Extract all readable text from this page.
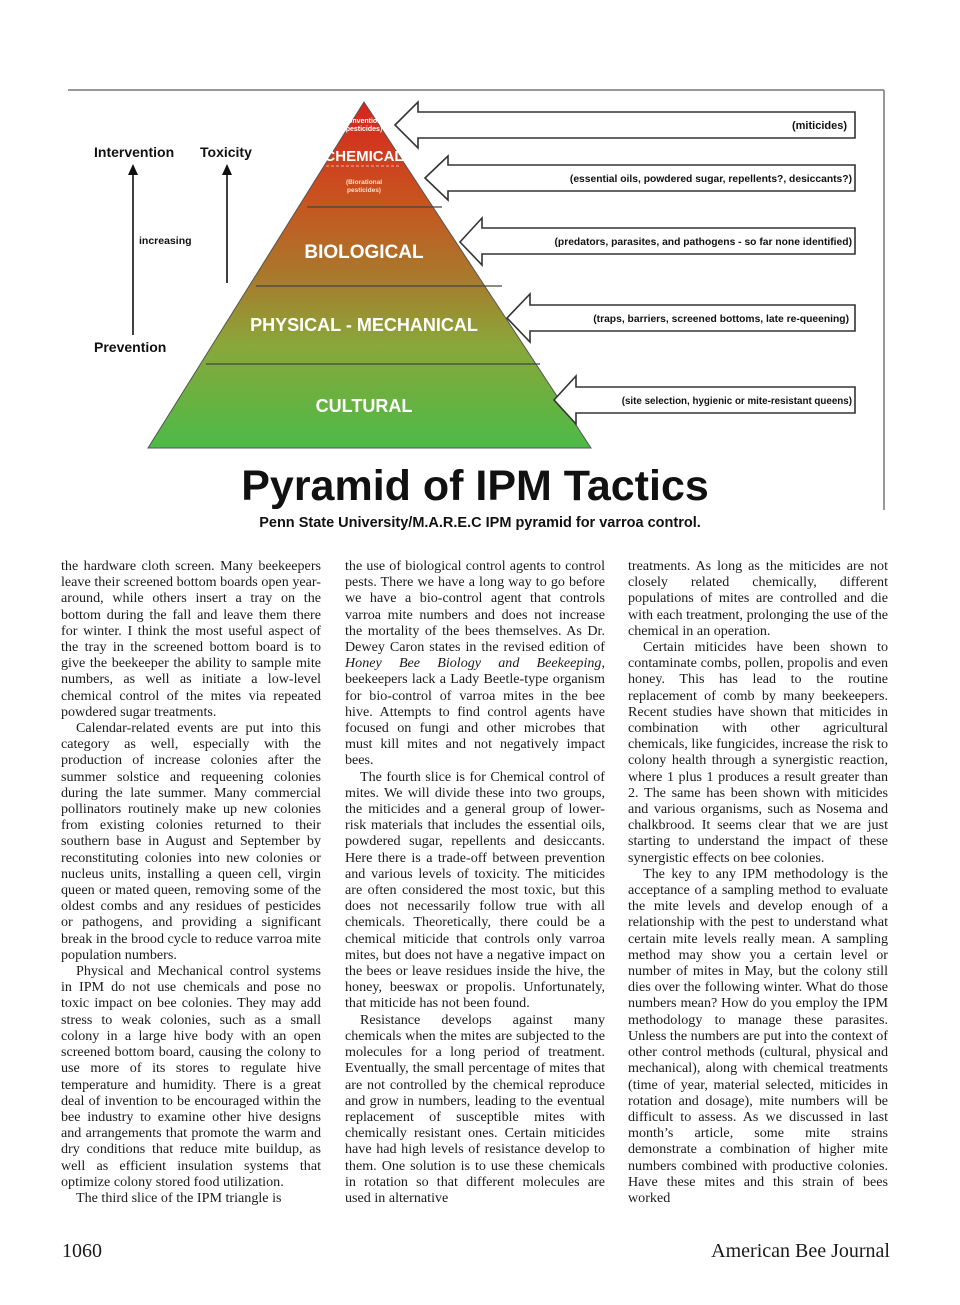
(Conventional
pesticides)
CHEMICAL
(Biorational
pesticides)
BIOLOGICAL
PHYSICAL - MECHANICAL
CULTURAL
(miticides)
(essential oils, powdered sugar, repellents?, desiccants?)
(predators, parasites, and pathogens - so far none identified)
(traps, barriers, screened bottoms, late re-queening)
(site selection, hygienic or mite-resistant queens)
Intervention Toxicity
increasing
Prevention
Pyramid of IPM Tactics
Penn State University/M.A.R.E.C IPM pyramid for varroa control.

the hardware cloth screen. Many beekeepers leave their screened bottom boards open year-around, while others insert a tray on the bottom during the fall and leave them there for winter. I think the most useful aspect of the tray in the screened bottom board is to give the beekeeper the ability to sample mite numbers, as well as initiate a low-level chemical control of the mites via repeated powdered sugar treatments.

Calendar-related events are put into this category as well, especially with the production of increase colonies after the summer solstice and requeening colonies during the late summer. Many commercial pollinators routinely make up new colonies from existing colonies returned to their southern base in August and September by reconstituting colonies into new colonies or nucleus units, installing a queen cell, virgin queen or mated queen, removing some of the oldest combs and any residues of pesticides or pathogens, and providing a significant break in the brood cycle to reduce varroa mite population numbers.

Physical and Mechanical control systems in IPM do not use chemicals and pose no toxic impact on bee colonies. They may add stress to weak colonies, such as a small colony in a large hive body with an open screened bottom board, causing the colony to use more of its stores to regulate hive temperature and humidity. There is a great deal of invention to be encouraged within the bee industry to examine other hive designs and arrangements that promote the warm and dry conditions that reduce mite buildup, as well as efficient insulation systems that optimize colony stored food utilization.

The third slice of the IPM triangle is

the use of biological control agents to control pests. There we have a long way to go before we have a bio-control agent that controls varroa mite numbers and does not increase the mortality of the bees themselves. As Dr. Dewey Caron states in the revised edition of Honey Bee Biology and Beekeeping, beekeepers lack a Lady Beetle-type organism for bio-control of varroa mites in the bee hive. Attempts to find control agents have focused on fungi and other microbes that must kill mites and not negatively impact bees.

The fourth slice is for Chemical control of mites. We will divide these into two groups, the miticides and a general group of lower-risk materials that includes the essential oils, powdered sugar, repellents and desiccants. Here there is a trade-off between prevention and various levels of toxicity. The miticides are often considered the most toxic, but this does not necessarily follow true with all chemicals. Theoretically, there could be a chemical miticide that controls only varroa mites, but does not have a negative impact on the bees or leave residues inside the hive, the honey, beeswax or propolis. Unfortunately, that miticide has not been found.

Resistance develops against many chemicals when the mites are subjected to the molecules for a long period of treatment. Eventually, the small percentage of mites that are not controlled by the chemical reproduce and grow in numbers, leading to the eventual replacement of susceptible mites with chemically resistant ones. Certain miticides have had high levels of resistance develop to them. One solution is to use these chemicals in rotation so that different molecules are used in alternative

treatments. As long as the miticides are not closely related chemically, different populations of mites are controlled and die with each treatment, prolonging the use of the chemical in an operation.

Certain miticides have been shown to contaminate combs, pollen, propolis and even honey. This has lead to the routine replacement of comb by many beekeepers. Recent studies have shown that miticides in combination with other agricultural chemicals, like fungicides, increase the risk to colony health through a synergistic reaction, where 1 plus 1 produces a result greater than 2. The same has been shown with miticides and various organisms, such as Nosema and chalkbrood. It seems clear that we are just starting to understand the impact of these synergistic effects on bee colonies.

The key to any IPM methodology is the acceptance of a sampling method to evaluate the mite levels and develop enough of a relationship with the pest to understand what certain mite levels really mean. A sampling method may show you a certain level or number of mites in May, but the colony still dies over the following winter. What do those numbers mean? How do you employ the IPM methodology to manage these parasites. Unless the numbers are put into the context of other control methods (cultural, physical and mechanical), along with chemical treatments (time of year, material selected, miticides in rotation and dosage), mite numbers will be difficult to assess. As we discussed in last month’s article, some mite strains demonstrate a combination of higher mite numbers combined with productive colonies. Have these mites and this strain of bees worked

1060	American Bee Journal
